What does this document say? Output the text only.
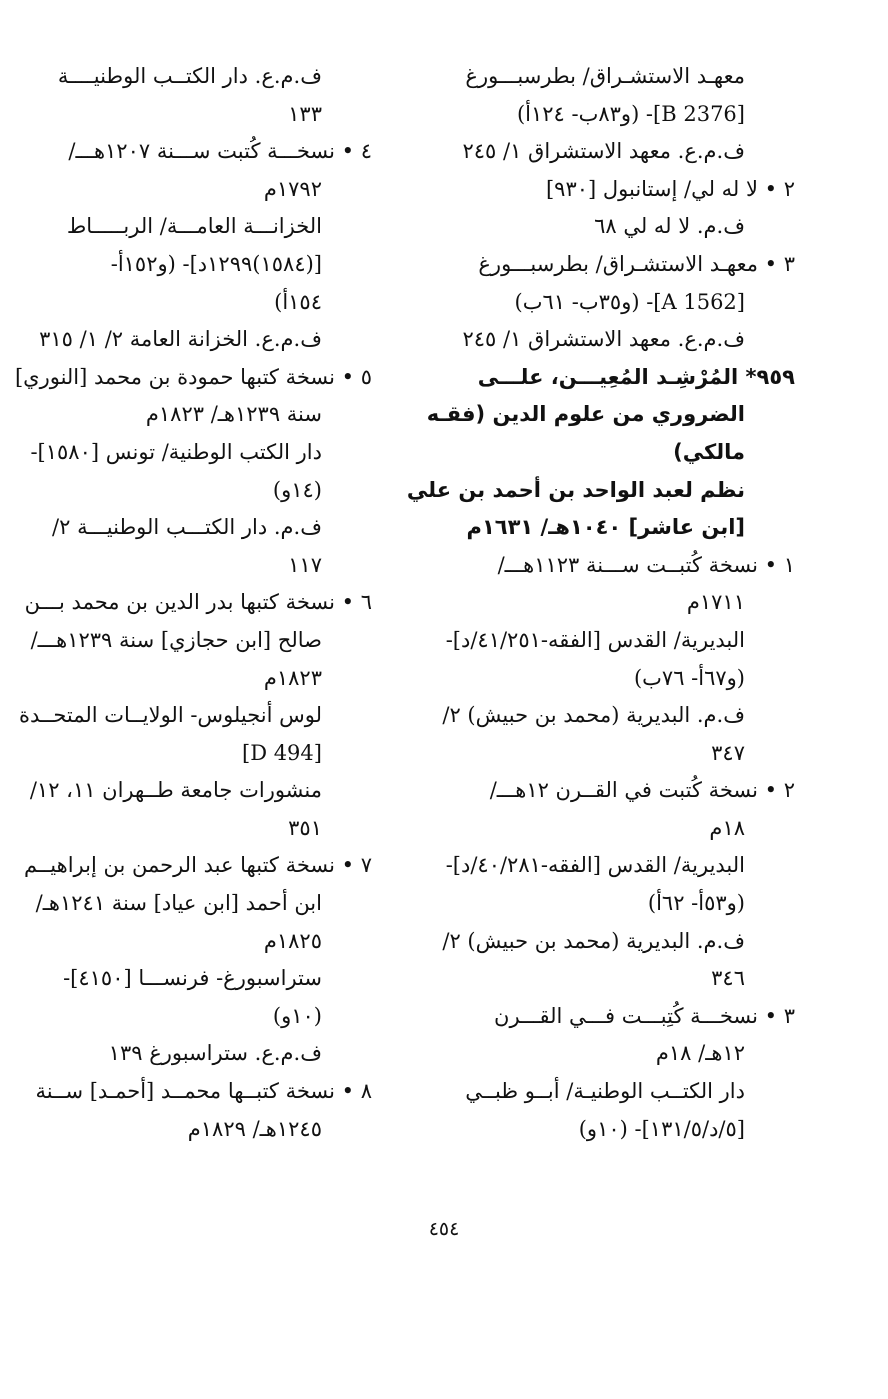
معهـد الاستشـراق/ بطرسبـــورغ
[B 2376]- (و٨٣ب- ١٢٤أ)
ف.م.ع. معهد الاستشراق ١/ ٢٤٥
٢ • لا له لي/ إستانبول [٩٣٠]
ف.م. لا له لي ٦٨
٣ • معهـد الاستشـراق/ بطرسبـــورغ
[A 1562]- (و٣٥ب- ٦١ب)
ف.م.ع. معهد الاستشراق ١/ ٢٤٥
٩٥٩* المُرْشِـد المُعِيـــن، علـــى
الضروري من علوم الدين (فقـه
مالكي)
نظم لعبد الواحد بن أحمد بن علي
[ابن عاشر] ١٠٤٠هـ/ ١٦٣١م
١ • نسخة كُتبــت ســـنة ١١٢٣هـــ/
١٧١١م
البديرية/ القدس [الفقه-٤١/٢٥١/د]-
(و٦٧أ- ٧٦ب)
ف.م. البديرية (محمد بن حبيش) ٢/
٣٤٧
٢ • نسخة كُتبت في القــرن ١٢هـــ/
١٨م
البديرية/ القدس [الفقه-٤٠/٢٨١/د]-
(و٥٣أ- ٦٢أ)
ف.م. البديرية (محمد بن حبيش) ٢/
٣٤٦
٣ • نسخـــة كُتِبـــت فـــي القـــرن
١٢هـ/ ١٨م
دار الكتــب الوطنيـة/ أبــو ظبــي
[٥/د/١٣١/٥]- (١٠و)
ف.م.ع. دار الكتــب الوطنيــــة
١٣٣
٤ • نسخـــة كُتبت ســـنة ١٢٠٧هـــ/
١٧٩٢م
الخزانـــة العامـــة/ الربـــــاط
[(١٥٨٤)١٢٩٩د]- (و١٥٢أ-
١٥٤أ)
ف.م.ع. الخزانة العامة ٢/ ١/ ٣١٥
٥ • نسخة كتبها حمودة بن محمد [النوري]
سنة ١٢٣٩هـ/ ١٨٢٣م
دار الكتب الوطنية/ تونس [١٥٨٠]-
(١٤و)
ف.م. دار الكتـــب الوطنيـــة ٢/
١١٧
٦ • نسخة كتبها بدر الدين بن محمد بـــن
صالح [ابن حجازي] سنة ١٢٣٩هـــ/
١٨٢٣م
لوس أنجيلوس- الولايــات المتحــدة
[D 494]
منشورات جامعة طــهران ١١، ١٢/
٣٥١
٧ • نسخة كتبها عبد الرحمن بن إبراهيــم
ابن أحمد [ابن عياد] سنة ١٢٤١هـ/
١٨٢٥م
ستراسبورغ- فرنســـا [٤١٥٠]-
(١٠و)
ف.م.ع. ستراسبورغ ١٣٩
٨ • نسخة كتبــها محمــد [أحمـد] ســنة
١٢٤٥هـ/ ١٨٢٩م
٤٥٤
